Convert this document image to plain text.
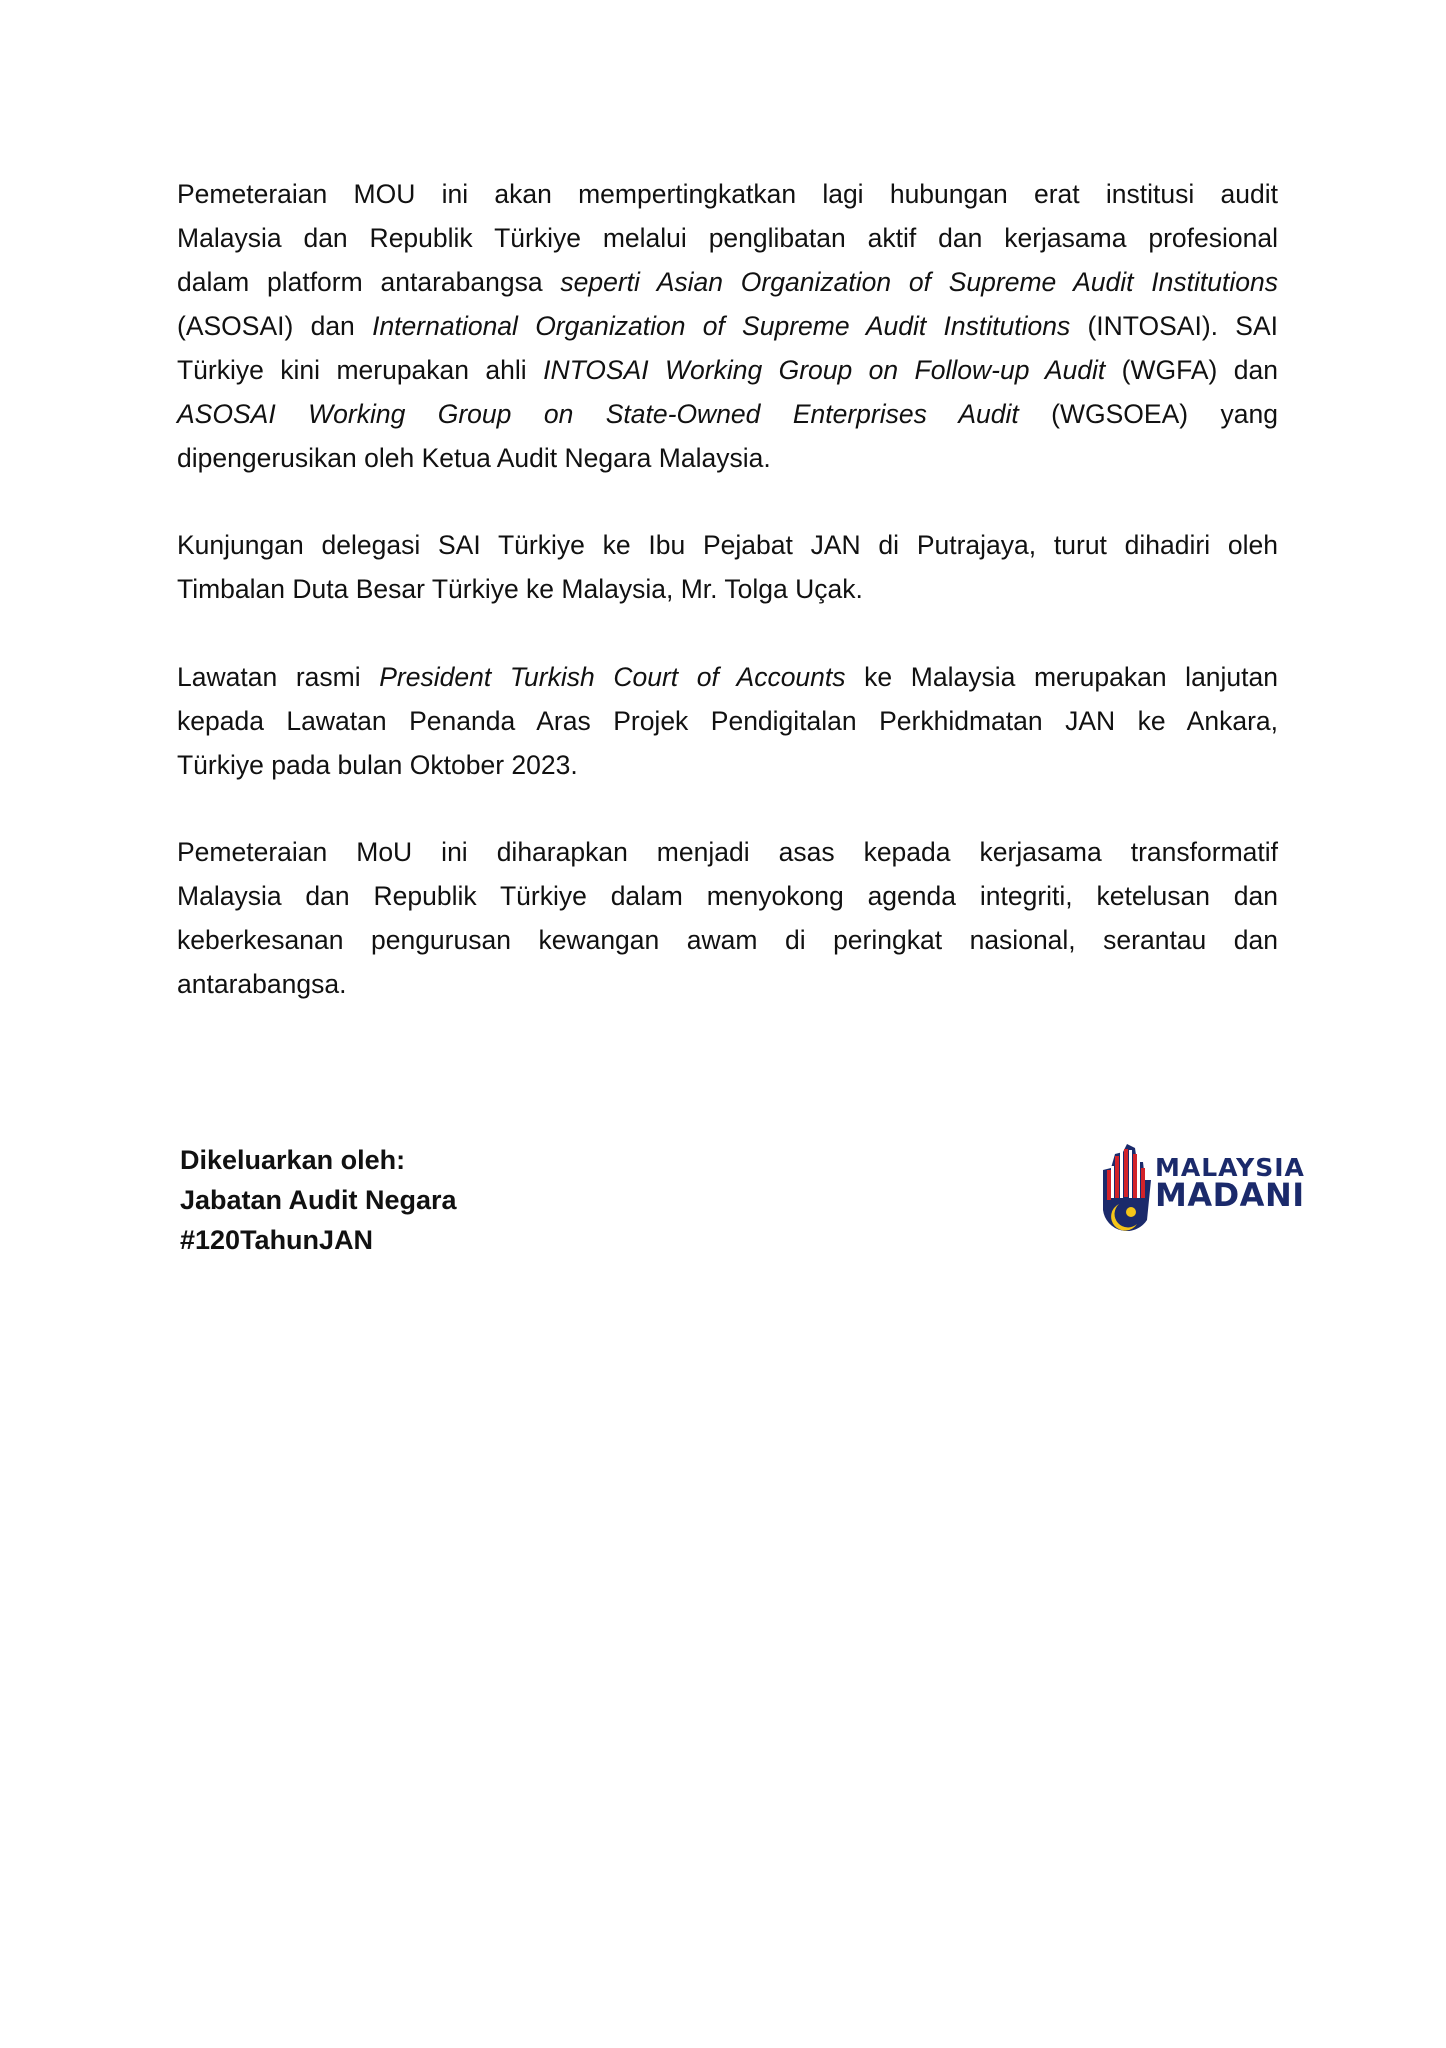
Pemeteraian MOU ini akan mempertingkatkan lagi hubungan erat institusi audit
Malaysia dan Republik Türkiye melalui penglibatan aktif dan kerjasama profesional
dalam platform antarabangsa seperti Asian Organization of Supreme Audit Institutions
(ASOSAI) dan International Organization of Supreme Audit Institutions (INTOSAI). SAI
Türkiye kini merupakan ahli INTOSAI Working Group on Follow-up Audit (WGFA) dan
ASOSAI Working Group on State-Owned Enterprises Audit (WGSOEA) yang
dipengerusikan oleh Ketua Audit Negara Malaysia.
Kunjungan delegasi SAI Türkiye ke Ibu Pejabat JAN di Putrajaya, turut dihadiri oleh
Timbalan Duta Besar Türkiye ke Malaysia, Mr. Tolga Uçak.
Lawatan rasmi President Turkish Court of Accounts ke Malaysia merupakan lanjutan
kepada Lawatan Penanda Aras Projek Pendigitalan Perkhidmatan JAN ke Ankara,
Türkiye pada bulan Oktober 2023.
Pemeteraian MoU ini diharapkan menjadi asas kepada kerjasama transformatif
Malaysia dan Republik Türkiye dalam menyokong agenda integriti, ketelusan dan
keberkesanan pengurusan kewangan awam di peringkat nasional, serantau dan
antarabangsa.
Dikeluarkan oleh:
Jabatan Audit Negara
#120TahunJAN
MALAYSIA
MADANI
